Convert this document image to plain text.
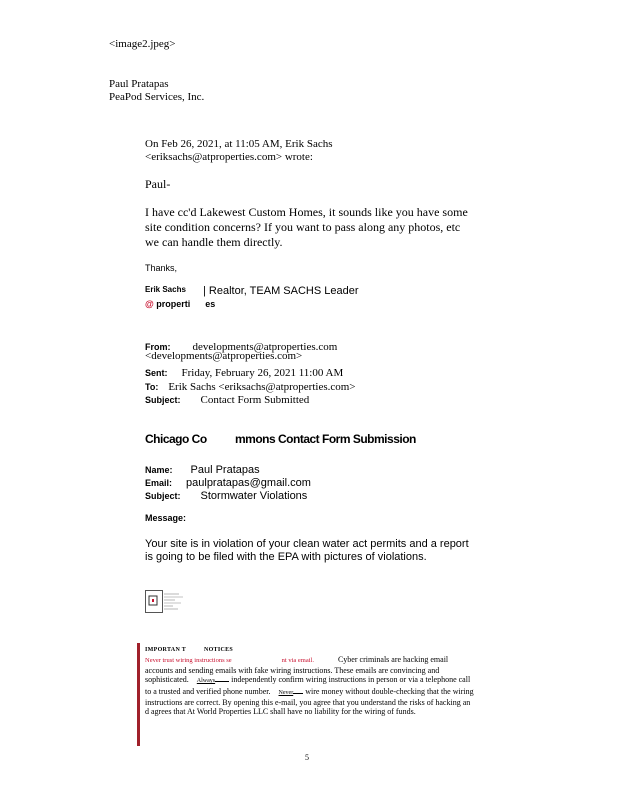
<image2.jpeg>
Paul Pratapas
PeaPod Services, Inc.
On Feb 26, 2021, at 11:05 AM, Erik Sachs
<eriksachs@atproperties.com> wrote:
Paul-
I have cc'd Lakewest Custom Homes, it sounds like you have some site condition concerns? If you want to pass along any photos, etc we can handle them directly.
Thanks,
Erik Sachs | Realtor, TEAM SACHS Leader
@ properti      es
From: developments@atproperties.com
<developments@atproperties.com>
Sent: Friday, February 26, 2021 11:00 AM
To: Erik Sachs <eriksachs@atproperties.com>
Subject: Contact Form Submitted
Chicago Co          mmons Contact Form Submission
Name: Paul Pratapas
Email: paulpratapas@gmail.com
Subject: Stormwater Violations
Message:
Your site is in violation of your clean water act permits and a report is going to be filed with the EPA with pictures of violations.
IMPORTAN T          NOTICES
Never trust wiring instructions se	nt via email.	Cyber criminals are hacking email accounts and sending emails with fake wiring instructions. These emails are convincing and sophisticated. Always independently confirm wiring instructions in person or via a telephone call to a trusted and verified phone number. Never wire money without double-checking that the wiring instructions are correct. By opening this e-mail, you agree that you understand the risks of hacking an d agrees that At World Properties LLC shall have no liability for the wiring of funds.
5
